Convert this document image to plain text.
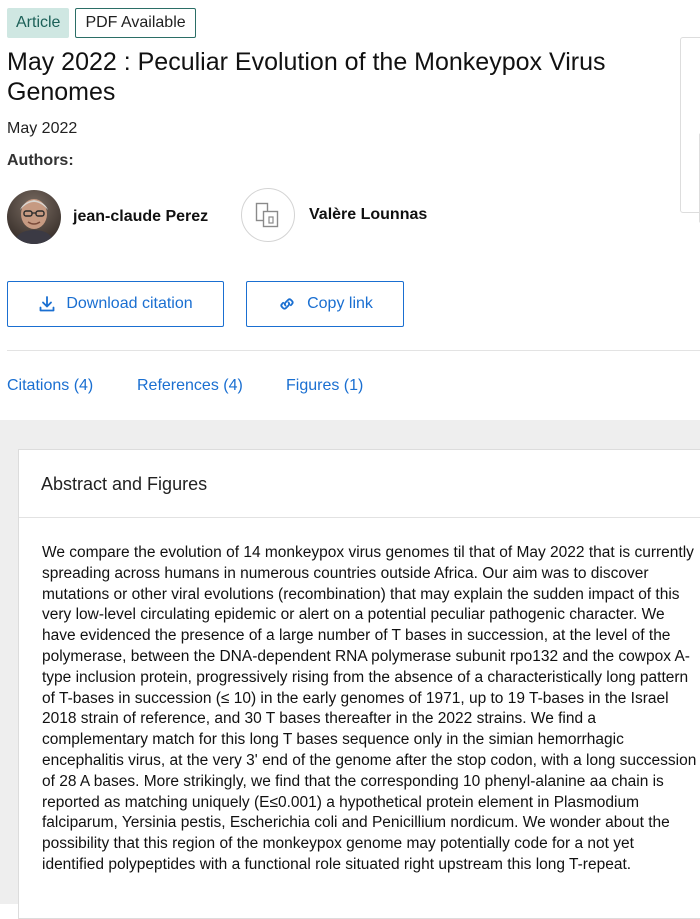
Article	PDF Available
May 2022 : Peculiar Evolution of the Monkeypox Virus Genomes
May 2022
Authors:
jean-claude Perez	Valère Lounnas
Download citation	Copy link
Citations (4)	References (4)	Figures (1)
Abstract and Figures

We compare the evolution of 14 monkeypox virus genomes til that of May 2022 that is currently spreading across humans in numerous countries outside Africa. Our aim was to discover mutations or other viral evolutions (recombination) that may explain the sudden impact of this very low-level circulating epidemic or alert on a potential peculiar pathogenic character. We have evidenced the presence of a large number of T bases in succession, at the level of the polymerase, between the DNA-dependent RNA polymerase subunit rpo132 and the cowpox A-type inclusion protein, progressively rising from the absence of a characteristically long pattern of T-bases in succession (≤ 10) in the early genomes of 1971, up to 19 T-bases in the Israel 2018 strain of reference, and 30 T bases thereafter in the 2022 strains. We find a complementary match for this long T bases sequence only in the simian hemorrhagic encephalitis virus, at the very 3' end of the genome after the stop codon, with a long succession of 28 A bases. More strikingly, we find that the corresponding 10 phenyl-alanine aa chain is reported as matching uniquely (E≤0.001) a hypothetical protein element in Plasmodium falciparum, Yersinia pestis, Escherichia coli and Penicillium nordicum. We wonder about the possibility that this region of the monkeypox genome may potentially code for a not yet identified polypeptides with a functional role situated right upstream this long T-repeat.
